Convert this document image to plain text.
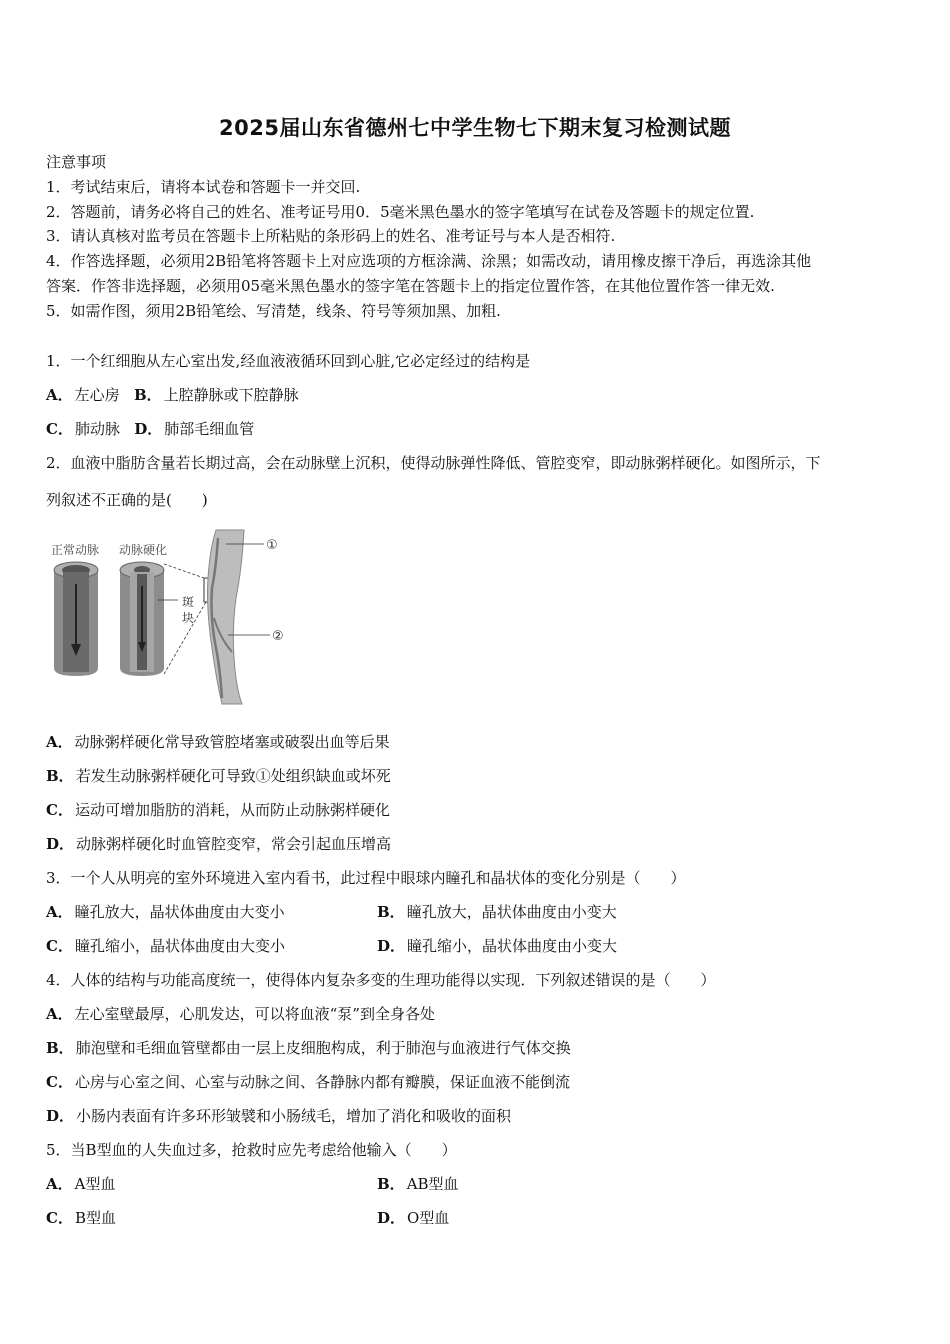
2025届山东省德州七中学生物七下期末复习检测试题
注意事项
1．考试结束后，请将本试卷和答题卡一并交回.
2．答题前，请务必将自己的姓名、准考证号用0．5毫米黑色墨水的签字笔填写在试卷及答题卡的规定位置.
3．请认真核对监考员在答题卡上所粘贴的条形码上的姓名、准考证号与本人是否相符.
4．作答选择题，必须用2B铅笔将答题卡上对应选项的方框涂满、涂黑；如需改动，请用橡皮擦干净后，再选涂其他
答案．作答非选择题，必须用05毫米黑色墨水的签字笔在答题卡上的指定位置作答，在其他位置作答一律无效.
5．如需作图，须用2B铅笔绘、写清楚，线条、符号等须加黑、加粗.
1．一个红细胞从左心室出发,经血液液循环回到心脏,它必定经过的结构是
A． 左心房 B． 上腔静脉或下腔静脉
C． 肺动脉 D． 肺部毛细血管
2．血液中脂肪含量若长期过高，会在动脉壁上沉积，使得动脉弹性降低、管腔变窄，即动脉粥样硬化。如图所示，下
列叙述不正确的是(　　)
正常动脉 动脉硬化
斑
块
①
②
A． 动脉粥样硬化常导致管腔堵塞或破裂出血等后果
B． 若发生动脉粥样硬化可导致①处组织缺血或坏死
C． 运动可增加脂肪的消耗，从而防止动脉粥样硬化
D． 动脉粥样硬化时血管腔变窄，常会引起血压增高
3．一个人从明亮的室外环境进入室内看书，此过程中眼球内瞳孔和晶状体的变化分别是（　　）
A． 瞳孔放大，晶状体曲度由大变小	B． 瞳孔放大，晶状体曲度由小变大
C． 瞳孔缩小，晶状体曲度由大变小	D． 瞳孔缩小，晶状体曲度由小变大
4．人体的结构与功能高度统一，使得体内复杂多变的生理功能得以实现．下列叙述错误的是（　　）
A． 左心室壁最厚，心肌发达，可以将血液“泵”到全身各处
B． 肺泡壁和毛细血管壁都由一层上皮细胞构成，利于肺泡与血液进行气体交换
C． 心房与心室之间、心室与动脉之间、各静脉内都有瓣膜，保证血液不能倒流
D． 小肠内表面有许多环形皱襞和小肠绒毛，增加了消化和吸收的面积
5．当B型血的人失血过多，抢救时应先考虑给他输入（　　）
A． A型血	B． AB型血
C． B型血	D． O型血
